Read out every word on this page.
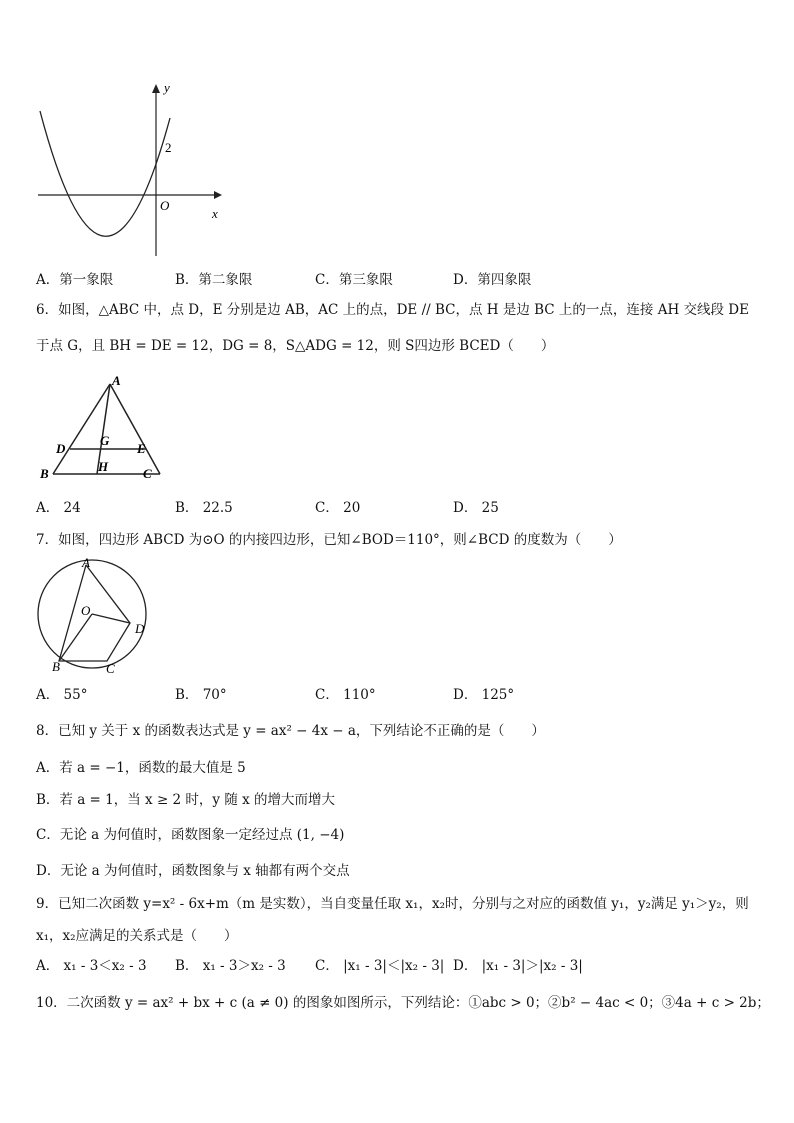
y
x
O
2
A．第一象限	B．第二象限	C．第三象限	D．第四象限
6．如图，△ABC 中，点 D，E 分别是边 AB，AC 上的点，DE // BC，点 H 是边 BC 上的一点，连接 AH 交线段 DE
于点 G，且 BH = DE = 12，DG = 8，S△ADG = 12，则 S四边形 BCED（　　）
A
B	C
D	E
G
H
A． 24	B． 22.5	C． 20	D． 25
7．如图，四边形 ABCD 为⊙O 的内接四边形，已知∠BOD＝110°，则∠BCD 的度数为（　　）
A
B	C
D
O
A． 55°	B． 70°	C． 110°	D． 125°
8．已知 y 关于 x 的函数表达式是 y = ax² − 4x − a，下列结论不正确的是（　　）
A．若 a = −1，函数的最大值是 5
B．若 a = 1，当 x ≥ 2 时，y 随 x 的增大而增大
C．无论 a 为何值时，函数图象一定经过点 (1, −4)
D．无论 a 为何值时，函数图象与 x 轴都有两个交点
9．已知二次函数 y=x² - 6x+m（m 是实数），当自变量任取 x₁，x₂时，分别与之对应的函数值 y₁，y₂满足 y₁＞y₂，则
x₁，x₂应满足的关系式是（　　）
A． x₁ - 3＜x₂ - 3 B． x₁ - 3＞x₂ - 3 C． |x₁ - 3|＜|x₂ - 3| D． |x₁ - 3|＞|x₂ - 3|
10．二次函数 y = ax² + bx + c (a ≠ 0) 的图象如图所示，下列结论：①abc > 0；②b² − 4ac < 0；③4a + c > 2b；
